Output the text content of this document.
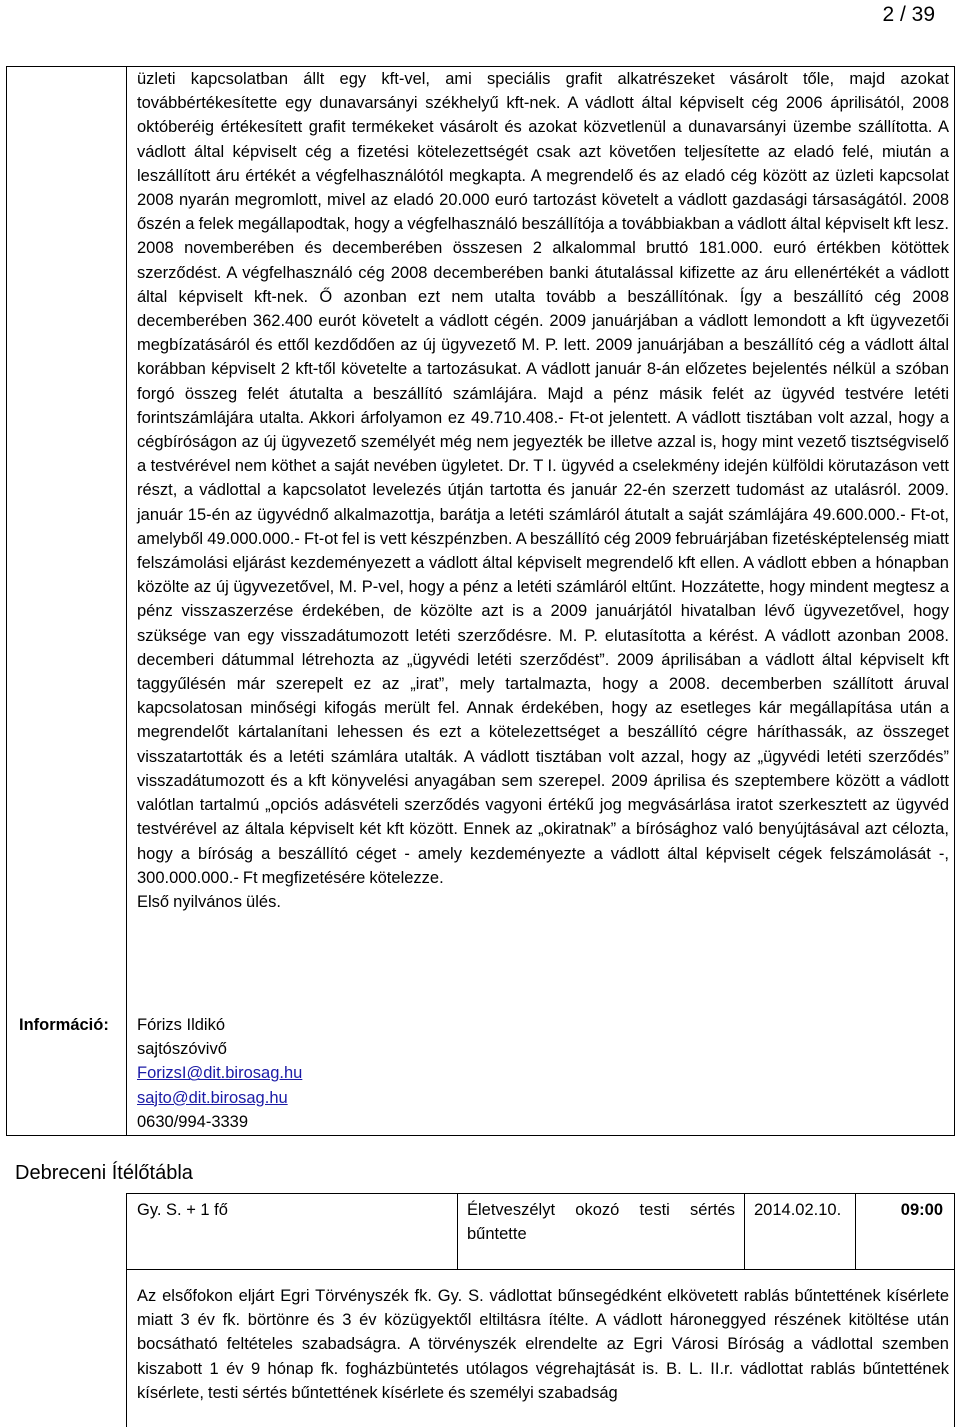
2 / 39
Információ:
üzleti kapcsolatban állt egy kft-vel, ami speciális grafit alkatrészeket vásárolt tőle, majd azokat továbbértékesítette egy dunavarsányi székhelyű kft-nek. A vádlott által képviselt cég 2006 áprilisától, 2008 októberéig értékesített grafit termékeket vásárolt és azokat közvetlenül a dunavarsányi üzembe szállította. A vádlott által képviselt cég a fizetési kötelezettségét csak azt követően teljesítette az eladó felé, miután a leszállított áru értékét a végfelhasználótól megkapta. A megrendelő és az eladó cég között az üzleti kapcsolat 2008 nyarán megromlott, mivel az eladó 20.000 euró tartozást követelt a vádlott gazdasági társaságától. 2008 őszén a felek megállapodtak, hogy a végfelhasználó beszállítója a továbbiakban a vádlott által képviselt kft lesz. 2008 novemberében és decemberében összesen 2 alkalommal bruttó 181.000. euró értékben kötöttek szerződést. A végfelhasználó cég 2008 decemberében banki átutalással kifizette az áru ellenértékét a vádlott által képviselt kft-nek. Ő azonban ezt nem utalta tovább a beszállítónak. Így a beszállító cég 2008 decemberében 362.400 eurót követelt a vádlott cégén. 2009 januárjában a vádlott lemondott a kft ügyvezetői megbízatásáról és ettől kezdődően az új ügyvezető M. P. lett. 2009 januárjában a beszállító cég a vádlott által korábban képviselt 2 kft-től követelte a tartozásukat. A vádlott január 8-án előzetes bejelentés nélkül a szóban forgó összeg felét átutalta a beszállító számlájára. Majd a pénz másik felét az ügyvéd testvére letéti forintszámlájára utalta. Akkori árfolyamon ez 49.710.408.- Ft-ot jelentett. A vádlott tisztában volt azzal, hogy a cégbíróságon az új ügyvezető személyét még nem jegyezték be illetve azzal is, hogy mint vezető tisztségviselő a testvérével nem köthet a saját nevében ügyletet. Dr. T I. ügyvéd a cselekmény idején külföldi körutazáson vett részt, a vádlottal a kapcsolatot levelezés útján tartotta és január 22-én szerzett tudomást az utalásról. 2009. január 15-én az ügyvédnő alkalmazottja, barátja a letéti számláról átutalt a saját számlájára 49.600.000.- Ft-ot, amelyből 49.000.000.- Ft-ot fel is vett készpénzben. A beszállító cég 2009 februárjában fizetésképtelenség miatt felszámolási eljárást kezdeményezett a vádlott által képviselt megrendelő kft ellen. A vádlott ebben a hónapban közölte az új ügyvezetővel, M. P-vel, hogy a pénz a letéti számláról eltűnt. Hozzátette, hogy mindent megtesz a pénz visszaszerzése érdekében, de közölte azt is a 2009 januárjától hivatalban lévő ügyvezetővel, hogy szüksége van egy visszadátumozott letéti szerződésre. M. P. elutasította a kérést. A vádlott azonban 2008. decemberi dátummal létrehozta az „ügyvédi letéti szerződést”. 2009 áprilisában a vádlott által képviselt kft taggyűlésén már szerepelt ez az „irat”, mely tartalmazta, hogy a 2008. decemberben szállított áruval kapcsolatosan minőségi kifogás merült fel. Annak érdekében, hogy az esetleges kár megállapítása után a megrendelőt kártalanítani lehessen és ezt a kötelezettséget a beszállító cégre háríthassák, az összeget visszatartották és a letéti számlára utalták. A vádlott tisztában volt azzal, hogy az „ügyvédi letéti szerződés” visszadátumozott és a kft könyvelési anyagában sem szerepel. 2009 áprilisa és szeptembere között a vádlott valótlan tartalmú „opciós adásvételi szerződés vagyoni értékű jog megvásárlása iratot szerkesztett az ügyvéd testvérével az általa képviselt két kft között. Ennek az „okiratnak” a bírósághoz való benyújtásával azt célozta, hogy a bíróság a beszállító céget - amely kezdeményezte a vádlott által képviselt cégek felszámolását -, 300.000.000.- Ft megfizetésére kötelezze.
Első nyilvános ülés.
Fórizs Ildikó
sajtószóvivő
ForizsI@dit.birosag.hu
sajto@dit.birosag.hu
0630/994-3339
Debreceni Ítélőtábla
Gy. S. + 1 fő	Életveszélyt okozó testi sértés bűntette
2014.02.10.	09:00
Az elsőfokon eljárt Egri Törvényszék fk. Gy. S. vádlottat bűnsegédként elkövetett rablás bűntettének kísérlete miatt 3 év fk. börtönre és 3 év közügyektől eltiltásra ítélte. A vádlott hároneggyed részének kitöltése után bocsátható feltételes szabadságra. A törvényszék elrendelte az Egri Városi Bíróság a vádlottal szemben kiszabott 1 év 9 hónap fk. fogházbüntetés utólagos végrehajtását is. B. L. II.r. vádlottat rablás bűntettének kísérlete, testi sértés bűntettének kísérlete és személyi szabadság
